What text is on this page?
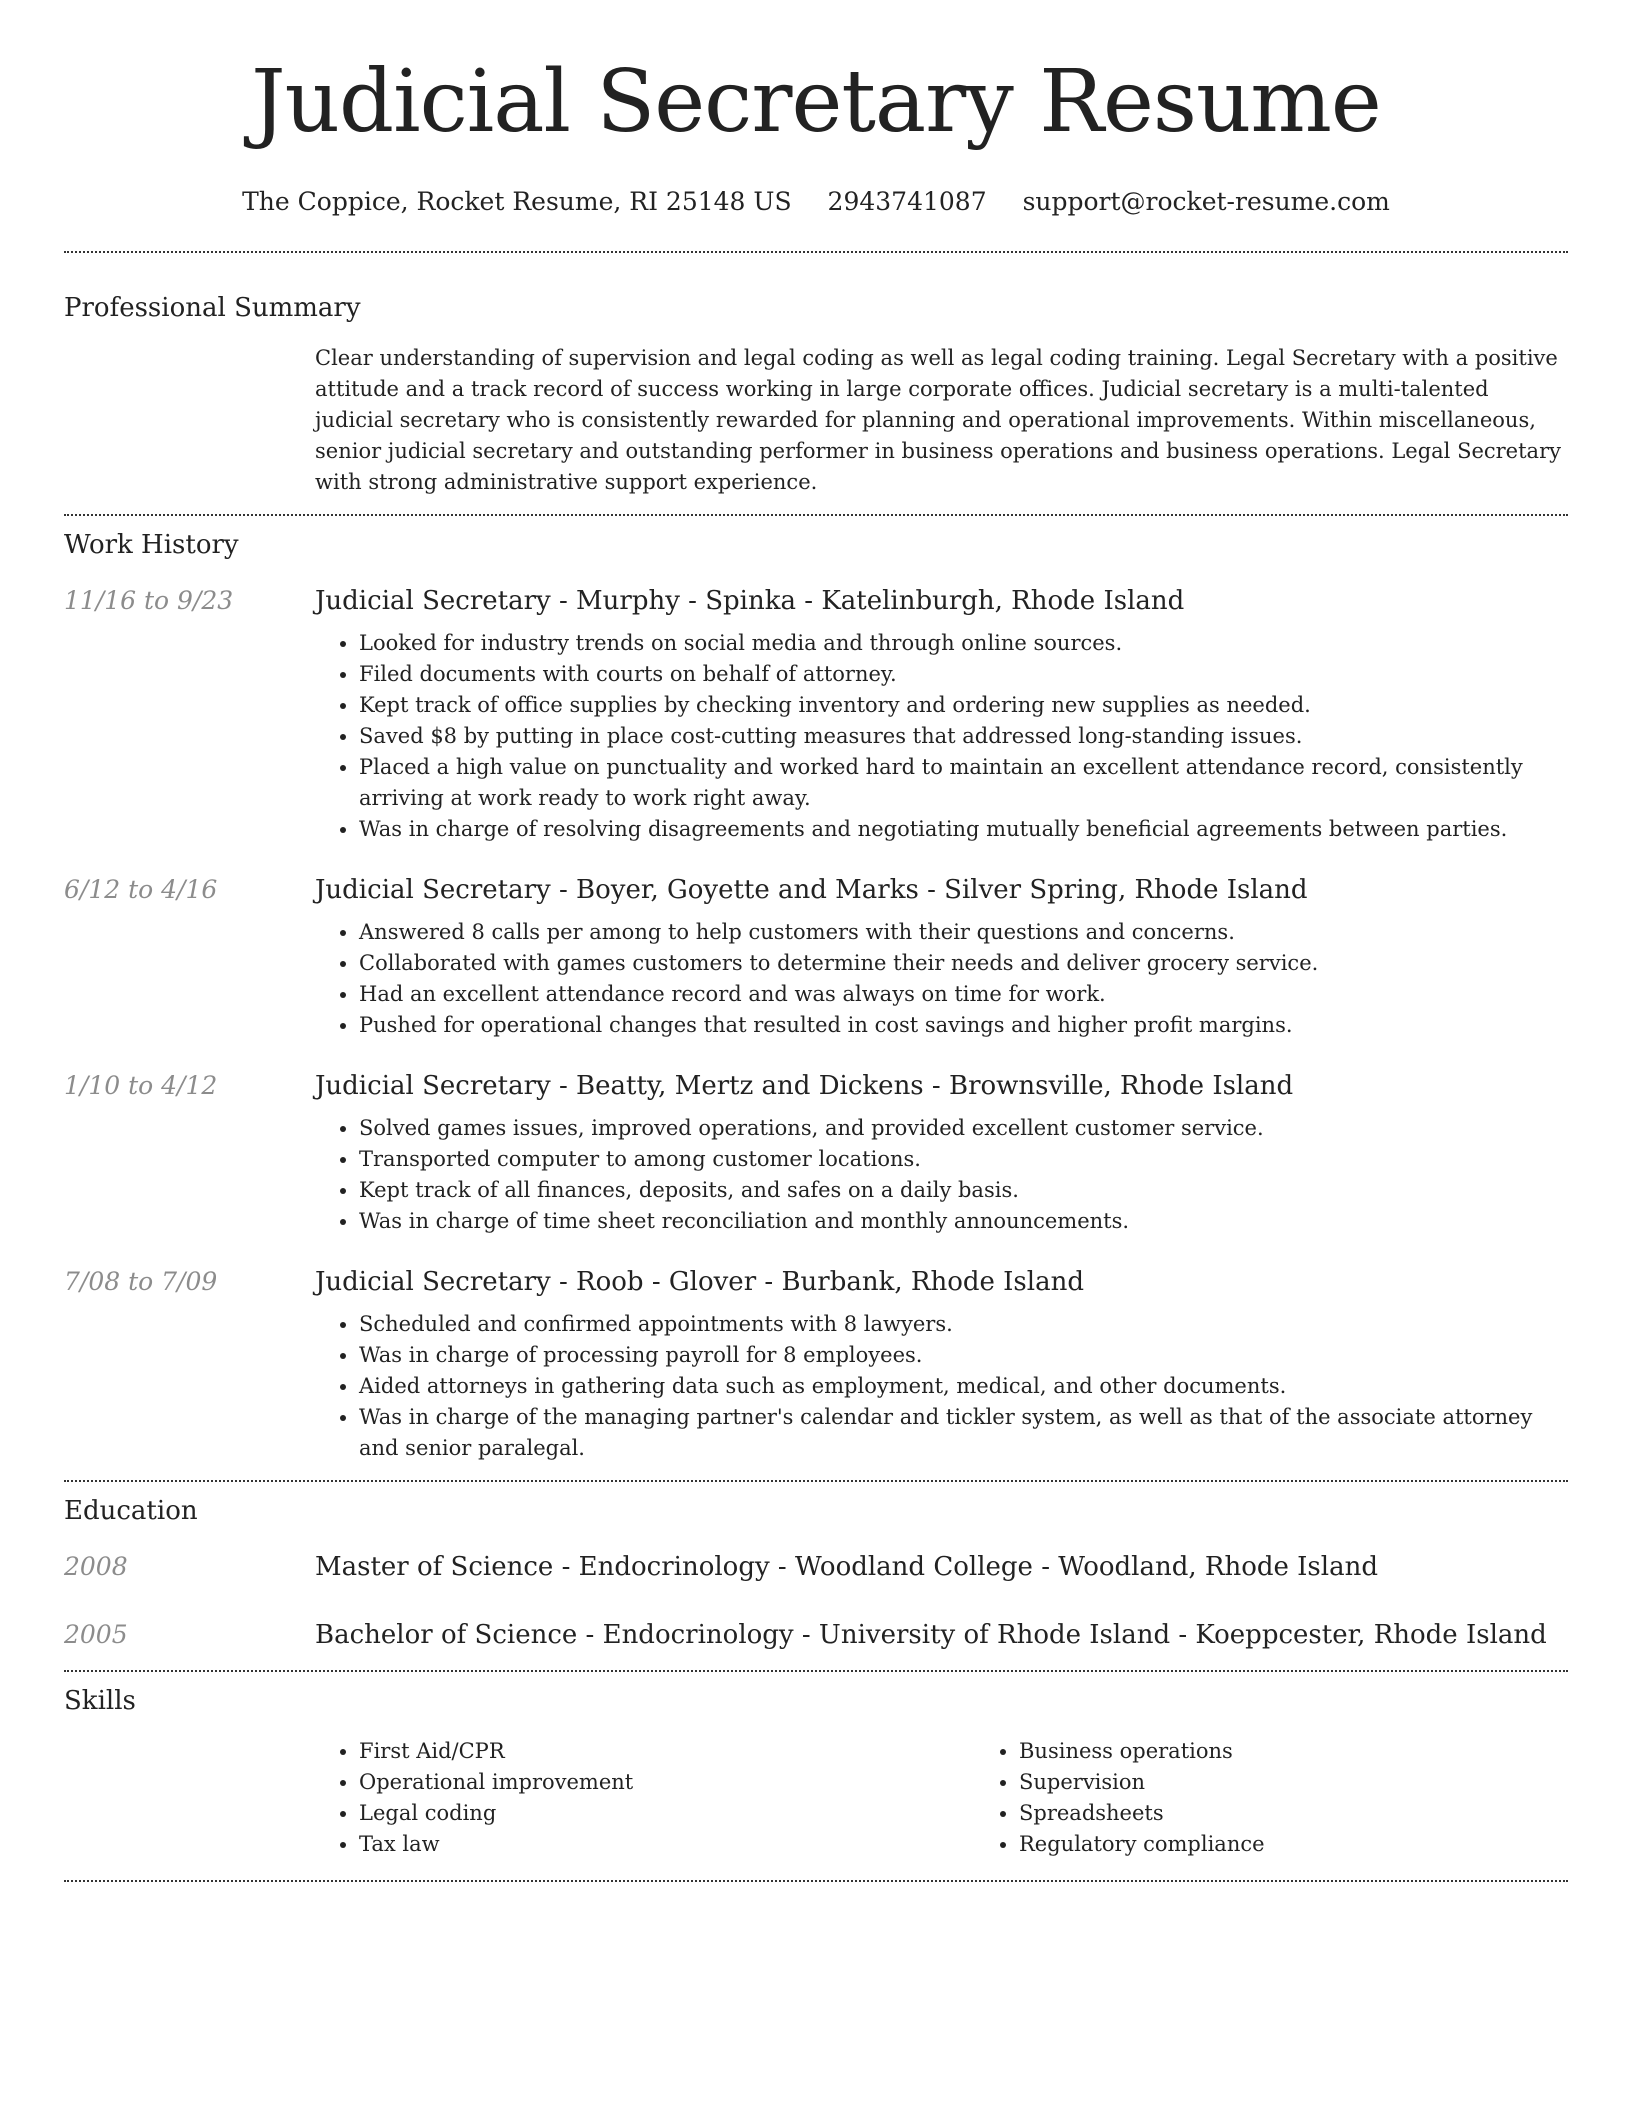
Judicial Secretary Resume
The Coppice, Rocket Resume, RI 25148 US 2943741087 support@rocket-resume.com
Professional Summary
Clear understanding of supervision and legal coding as well as legal coding training. Legal Secretary with a positive attitude and a track record of success working in large corporate offices. Judicial secretary is a multi-talented judicial secretary who is consistently rewarded for planning and operational improvements. Within miscellaneous, senior judicial secretary and outstanding performer in business operations and business operations. Legal Secretary with strong administrative support experience.
Work History
11/16 to 9/23	Judicial Secretary - Murphy - Spinka - Katelinburgh, Rhode Island
• Looked for industry trends on social media and through online sources.
• Filed documents with courts on behalf of attorney.
• Kept track of office supplies by checking inventory and ordering new supplies as needed.
• Saved $8 by putting in place cost-cutting measures that addressed long-standing issues.
• Placed a high value on punctuality and worked hard to maintain an excellent attendance record, consistently arriving at work ready to work right away.
• Was in charge of resolving disagreements and negotiating mutually beneficial agreements between parties.
6/12 to 4/16	Judicial Secretary - Boyer, Goyette and Marks - Silver Spring, Rhode Island
• Answered 8 calls per among to help customers with their questions and concerns.
• Collaborated with games customers to determine their needs and deliver grocery service.
• Had an excellent attendance record and was always on time for work.
• Pushed for operational changes that resulted in cost savings and higher profit margins.
1/10 to 4/12	Judicial Secretary - Beatty, Mertz and Dickens - Brownsville, Rhode Island
• Solved games issues, improved operations, and provided excellent customer service.
• Transported computer to among customer locations.
• Kept track of all finances, deposits, and safes on a daily basis.
• Was in charge of time sheet reconciliation and monthly announcements.
7/08 to 7/09	Judicial Secretary - Roob - Glover - Burbank, Rhode Island
• Scheduled and confirmed appointments with 8 lawyers.
• Was in charge of processing payroll for 8 employees.
• Aided attorneys in gathering data such as employment, medical, and other documents.
• Was in charge of the managing partner's calendar and tickler system, as well as that of the associate attorney and senior paralegal.
Education
2008	Master of Science - Endocrinology - Woodland College - Woodland, Rhode Island
2005	Bachelor of Science - Endocrinology - University of Rhode Island - Koeppcester, Rhode Island
Skills
• First Aid/CPR
• Operational improvement
• Legal coding
• Tax law
• Business operations
• Supervision
• Spreadsheets
• Regulatory compliance
